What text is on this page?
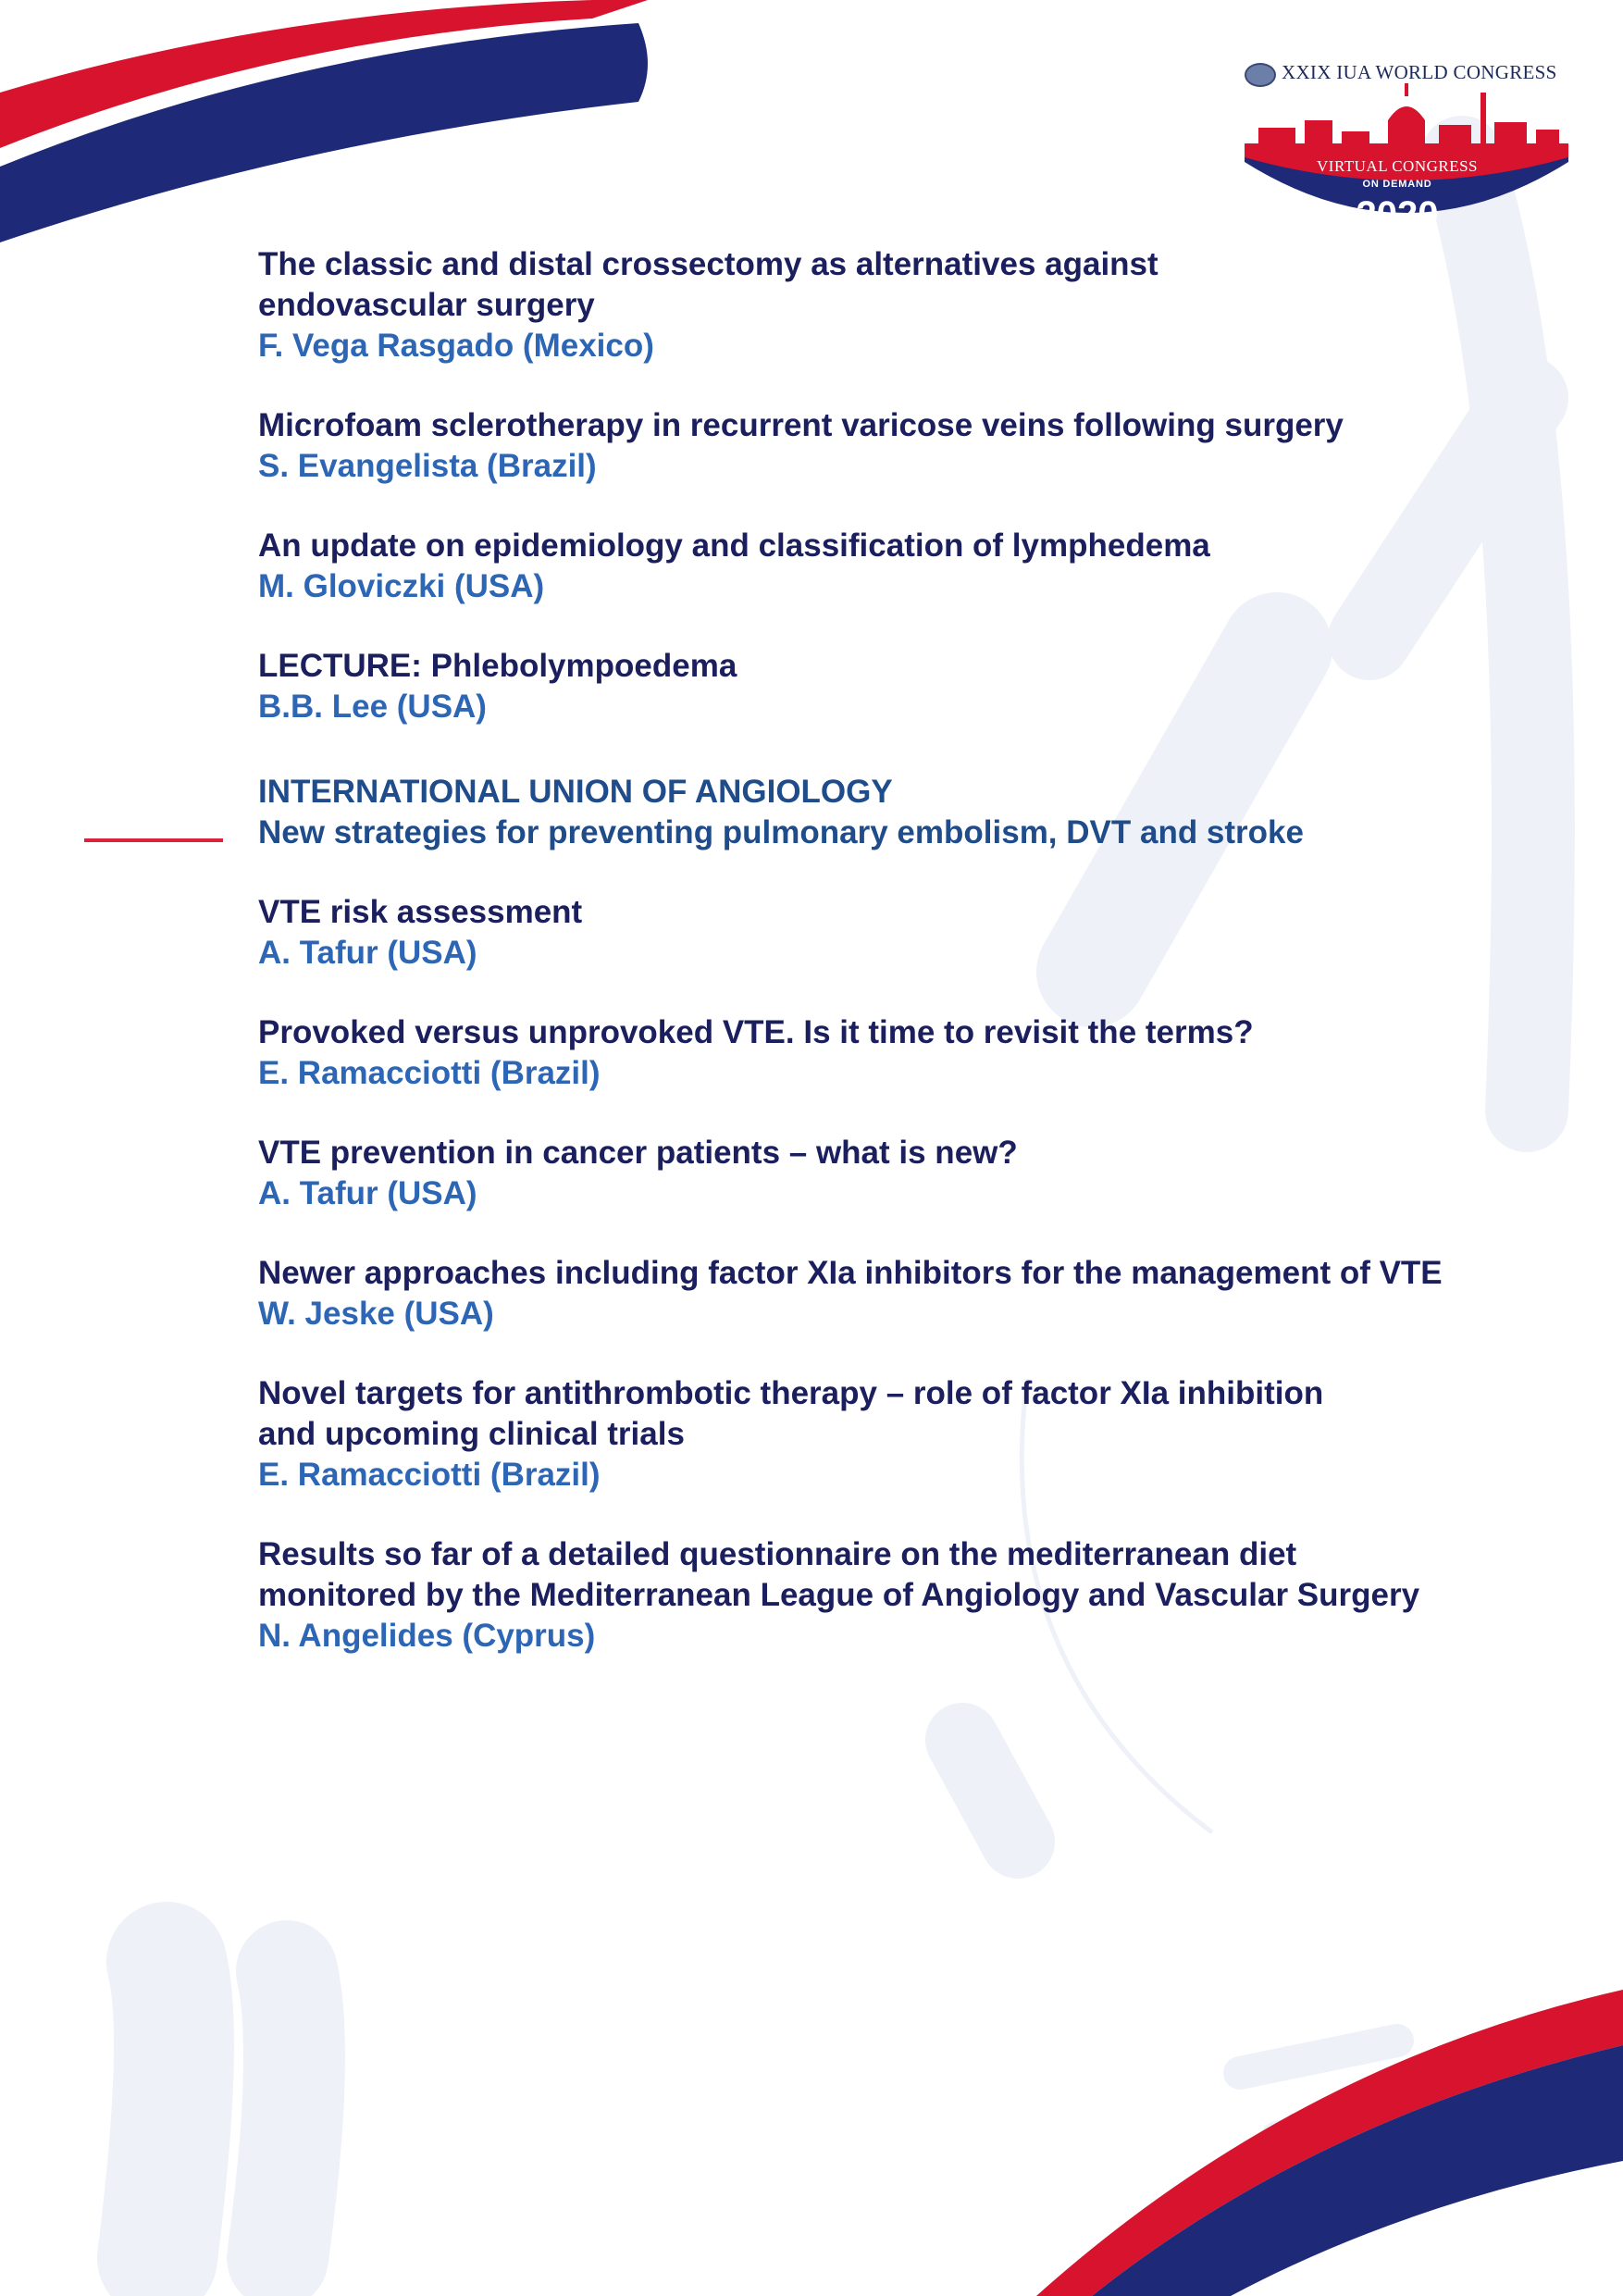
XXIX IUA WORLD CONGRESS
VIRTUAL CONGRESS
ON DEMAND
2020
The classic and distal crossectomy as alternatives against
endovascular surgery
F. Vega Rasgado (Mexico)
Microfoam sclerotherapy in recurrent varicose veins following surgery
S. Evangelista (Brazil)
An update on epidemiology and classification of lymphedema
M. Gloviczki (USA)
LECTURE: Phlebolympoedema
B.B. Lee (USA)
INTERNATIONAL UNION OF ANGIOLOGY
New strategies for preventing pulmonary embolism, DVT and stroke
VTE risk assessment
A. Tafur (USA)
Provoked versus unprovoked VTE. Is it time to revisit the terms?
E. Ramacciotti (Brazil)
VTE prevention in cancer patients – what is new?
A. Tafur (USA)
Newer approaches including factor XIa inhibitors for the management of VTE
W. Jeske (USA)
Novel targets for antithrombotic therapy – role of factor XIa inhibition
and upcoming clinical trials
E. Ramacciotti (Brazil)
Results so far of a detailed questionnaire on the mediterranean diet
monitored by the Mediterranean League of Angiology and Vascular Surgery
N. Angelides (Cyprus)
